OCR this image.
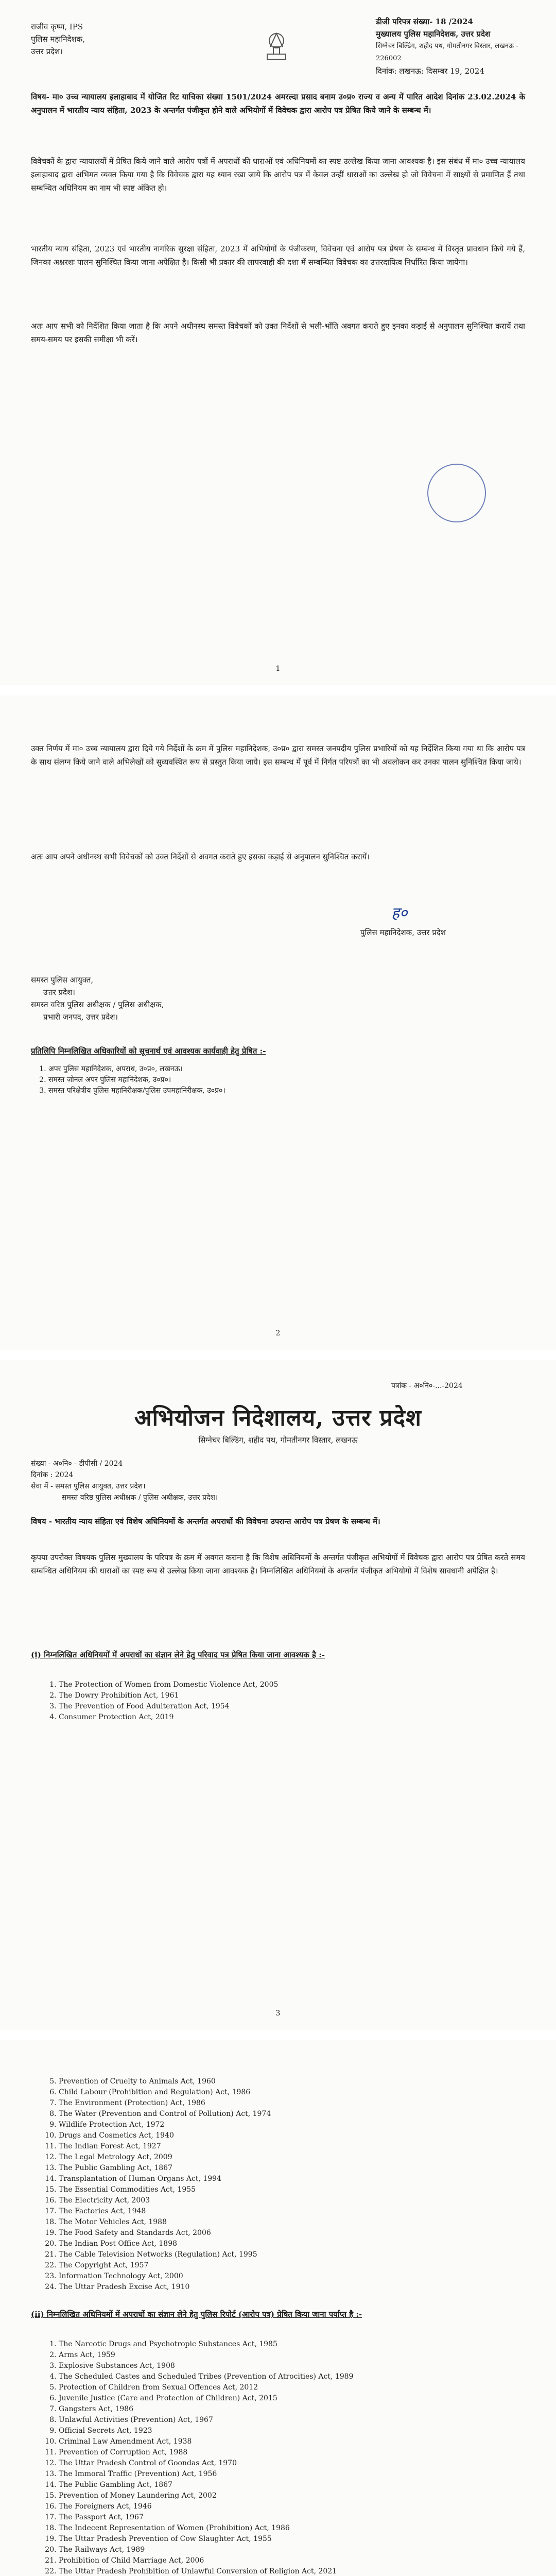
राजीव कृष्ण, IPS
पुलिस महानिदेशक,
उत्तर प्रदेश।
डीजी परिपत्र संख्या- 18 /2024
मुख्यालय पुलिस महानिदेशक, उत्तर प्रदेश
सिग्नेचर बिल्डिंग, शहीद पथ, गोमतीनगर विस्तार, लखनऊ - 226002
दिनांक: लखनऊ: दिसम्बर 19, 2024

विषय- मा० उच्च न्यायालय इलाहाबाद में योजित रिट याचिका संख्या 1501/2024 अमरल्दा प्रसाद बनाम उ०प्र० राज्य व अन्य में पारित आदेश दिनांक 23.02.2024 के अनुपालन में भारतीय न्याय संहिता, 2023 के अन्तर्गत पंजीकृत होने वाले अभियोगों में विवेचक द्वारा आरोप पत्र प्रेषित किये जाने के सम्बन्ध में।

विवेचकों के द्वारा न्यायालयों में प्रेषित किये जाने वाले आरोप पत्रों में अपराधों की धाराओं एवं अधिनियमों का स्पष्ट उल्लेख किया जाना आवश्यक है। इस संबंध में मा० उच्च न्यायालय इलाहाबाद द्वारा अभिमत व्यक्त किया गया है कि विवेचक द्वारा यह ध्यान रखा जाये कि आरोप पत्र में केवल उन्हीं धाराओं का उल्लेख हो जो विवेचना में साक्ष्यों से प्रमाणित हैं तथा सम्बन्धित अधिनियम का नाम भी स्पष्ट अंकित हो।

भारतीय न्याय संहिता, 2023 एवं भारतीय नागरिक सुरक्षा संहिता, 2023 में अभियोगों के पंजीकरण, विवेचना एवं आरोप पत्र प्रेषण के सम्बन्ध में विस्तृत प्रावधान किये गये हैं, जिनका अक्षरशः पालन सुनिश्चित किया जाना अपेक्षित है। किसी भी प्रकार की लापरवाही की दशा में सम्बन्धित विवेचक का उत्तरदायित्व निर्धारित किया जायेगा।

अतः आप सभी को निर्देशित किया जाता है कि अपने अधीनस्थ समस्त विवेचकों को उक्त निर्देशों से भली-भाँति अवगत कराते हुए इनका कड़ाई से अनुपालन सुनिश्चित करायें तथा समय-समय पर इसकी समीक्षा भी करें।

1

उक्त निर्णय में मा० उच्च न्यायालय द्वारा दिये गये निर्देशों के क्रम में पुलिस महानिदेशक, उ०प्र० द्वारा समस्त जनपदीय पुलिस प्रभारियों को यह निर्देशित किया गया था कि आरोप पत्र के साथ संलग्न किये जाने वाले अभिलेखों को सुव्यवस्थित रूप से प्रस्तुत किया जाये। इस सम्बन्ध में पूर्व में निर्गत परिपत्रों का भी अवलोकन कर उनका पालन सुनिश्चित किया जाये।

अतः आप अपने अधीनस्थ सभी विवेचकों को उक्त निर्देशों से अवगत कराते हुए इसका कड़ाई से अनुपालन सुनिश्चित करायें।

ह०
पुलिस महानिदेशक, उत्तर प्रदेश
समस्त पुलिस आयुक्त,
उत्तर प्रदेश।
समस्त वरिष्ठ पुलिस अधीक्षक / पुलिस अधीक्षक,
प्रभारी जनपद, उत्तर प्रदेश।
प्रतिलिपि निम्नलिखित अधिकारियों को सूचनार्थ एवं आवश्यक कार्यवाही हेतु प्रेषित :-
1. अपर पुलिस महानिदेशक, अपराध, उ०प्र०, लखनऊ।
2. समस्त जोनल अपर पुलिस महानिदेशक, उ०प्र०।
3. समस्त परिक्षेत्रीय पुलिस महानिरीक्षक/पुलिस उपमहानिरीक्षक, उ०प्र०।
2
पत्रांक - अ०नि०-...-2024
अभियोजन निदेशालय, उत्तर प्रदेश
सिग्नेचर बिल्डिंग, शहीद पथ, गोमतीनगर विस्तार, लखनऊ
संख्या - अ०नि० - डीपीसी / 2024
दिनांक : 2024
सेवा में - समस्त पुलिस आयुक्त, उत्तर प्रदेश।
समस्त वरिष्ठ पुलिस अधीक्षक / पुलिस अधीक्षक, उत्तर प्रदेश।

विषय - भारतीय न्याय संहिता एवं विशेष अधिनियमों के अन्तर्गत अपराधों की विवेचना उपरान्त आरोप पत्र प्रेषण के सम्बन्ध में।

कृपया उपरोक्त विषयक पुलिस मुख्यालय के परिपत्र के क्रम में अवगत कराना है कि विशेष अधिनियमों के अन्तर्गत पंजीकृत अभियोगों में विवेचक द्वारा आरोप पत्र प्रेषित करते समय सम्बन्धित अधिनियम की धाराओं का स्पष्ट रूप से उल्लेख किया जाना आवश्यक है। निम्नलिखित अधिनियमों के अन्तर्गत पंजीकृत अभियोगों में विशेष सावधानी अपेक्षित है।

(i) निम्नलिखित अधिनियमों में अपराधों का संज्ञान लेने हेतु परिवाद पत्र प्रेषित किया जाना आवश्यक है :-
1. The Protection of Women from Domestic Violence Act, 2005
2. The Dowry Prohibition Act, 1961
3. The Prevention of Food Adulteration Act, 1954
4. Consumer Protection Act, 2019
3
5. Prevention of Cruelty to Animals Act, 1960
6. Child Labour (Prohibition and Regulation) Act, 1986
7. The Environment (Protection) Act, 1986
8. The Water (Prevention and Control of Pollution) Act, 1974
9. Wildlife Protection Act, 1972
10. Drugs and Cosmetics Act, 1940
11. The Indian Forest Act, 1927
12. The Legal Metrology Act, 2009
13. The Public Gambling Act, 1867
14. Transplantation of Human Organs Act, 1994
15. The Essential Commodities Act, 1955
16. The Electricity Act, 2003
17. The Factories Act, 1948
18. The Motor Vehicles Act, 1988
19. The Food Safety and Standards Act, 2006
20. The Indian Post Office Act, 1898
21. The Cable Television Networks (Regulation) Act, 1995
22. The Copyright Act, 1957
23. Information Technology Act, 2000
24. The Uttar Pradesh Excise Act, 1910
(ii) निम्नलिखित अधिनियमों में अपराधों का संज्ञान लेने हेतु पुलिस रिपोर्ट (आरोप पत्र) प्रेषित किया जाना पर्याप्त है :-
1. The Narcotic Drugs and Psychotropic Substances Act, 1985
2. Arms Act, 1959
3. Explosive Substances Act, 1908
4. The Scheduled Castes and Scheduled Tribes (Prevention of Atrocities) Act, 1989
5. Protection of Children from Sexual Offences Act, 2012
6. Juvenile Justice (Care and Protection of Children) Act, 2015
7. Gangsters Act, 1986
8. Unlawful Activities (Prevention) Act, 1967
9. Official Secrets Act, 1923
10. Criminal Law Amendment Act, 1938
11. Prevention of Corruption Act, 1988
12. The Uttar Pradesh Control of Goondas Act, 1970
13. The Immoral Traffic (Prevention) Act, 1956
14. The Public Gambling Act, 1867
15. Prevention of Money Laundering Act, 2002
16. The Foreigners Act, 1946
17. The Passport Act, 1967
18. The Indecent Representation of Women (Prohibition) Act, 1986
19. The Uttar Pradesh Prevention of Cow Slaughter Act, 1955
20. The Railways Act, 1989
21. Prohibition of Child Marriage Act, 2006
22. The Uttar Pradesh Prohibition of Unlawful Conversion of Religion Act, 2021
